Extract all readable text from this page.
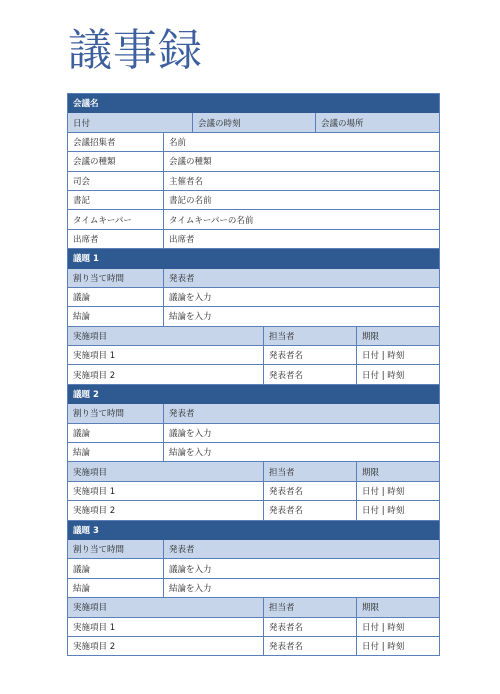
議事録
会議名
日付	会議の時刻	会議の場所
会議招集者	名前
会議の種類	会議の種類
司会	主催者名
書記	書記の名前
タイムキーパー	タイムキーパーの名前
出席者	出席者
議題 1
割り当て時間	発表者
議論	議論を入力
結論	結論を入力
実施項目	担当者	期限
実施項目 1	発表者名	日付 | 時刻
実施項目 2	発表者名	日付 | 時刻
議題 2
割り当て時間	発表者
議論	議論を入力
結論	結論を入力
実施項目	担当者	期限
実施項目 1	発表者名	日付 | 時刻
実施項目 2	発表者名	日付 | 時刻
議題 3
割り当て時間	発表者
議論	議論を入力
結論	結論を入力
実施項目	担当者	期限
実施項目 1	発表者名	日付 | 時刻
実施項目 2	発表者名	日付 | 時刻
